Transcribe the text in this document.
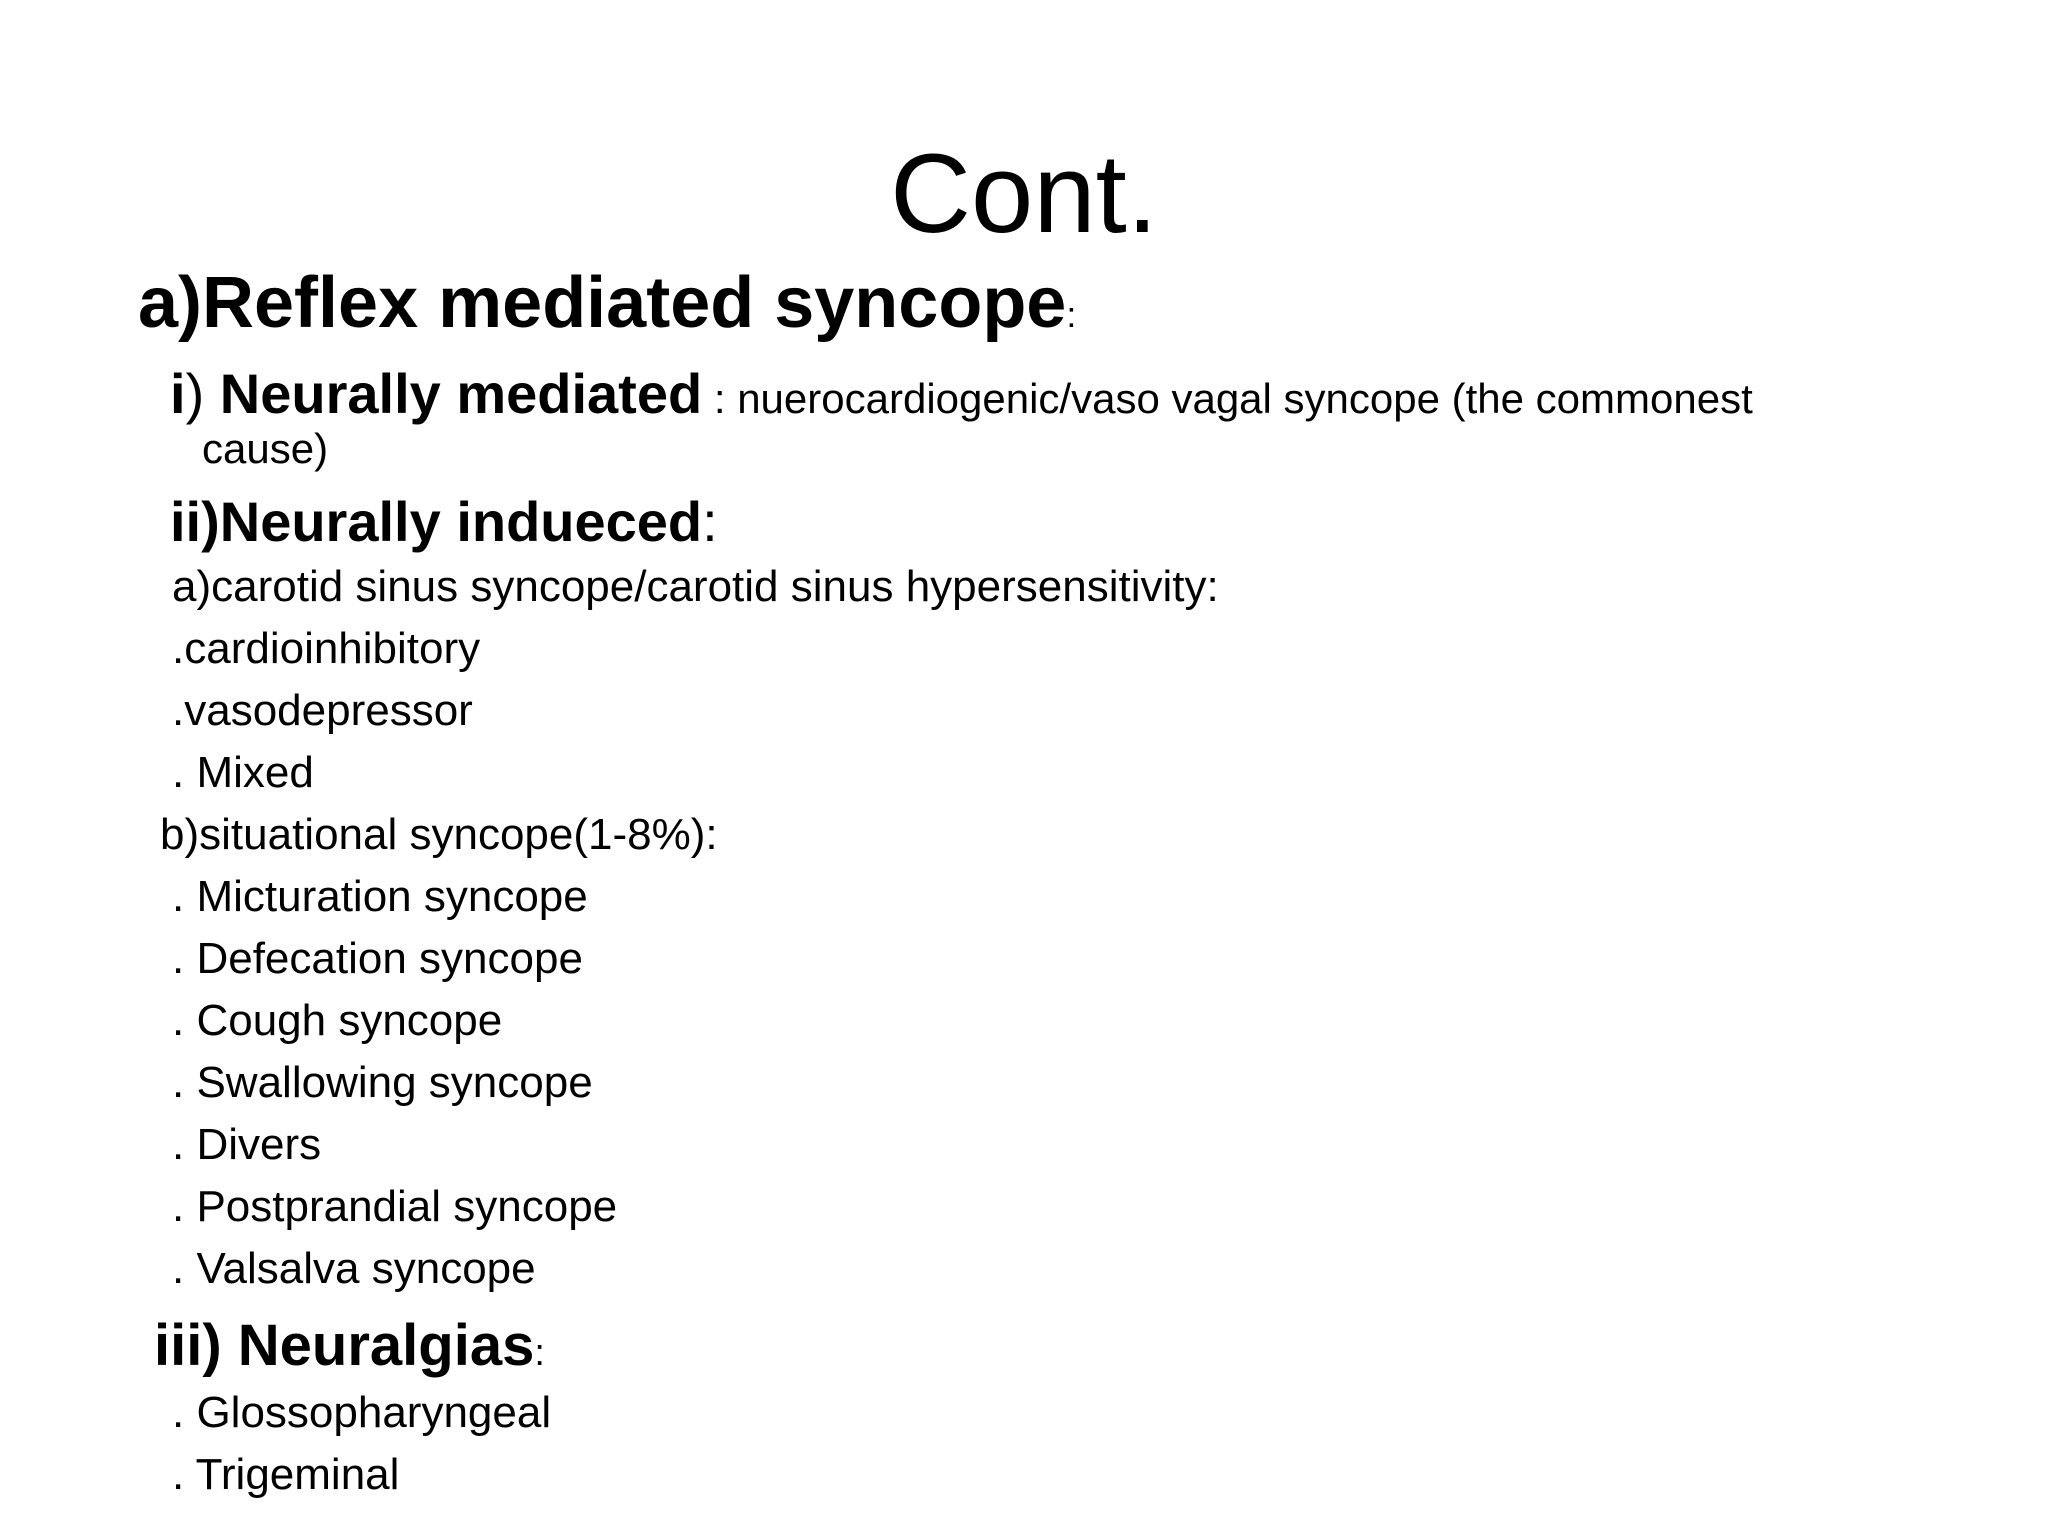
Cont.
a)Reflex mediated syncope:
i) Neurally mediated : nuerocardiogenic/vaso vagal syncope (the commonest
cause)
ii)Neurally indueced:
a)carotid sinus syncope/carotid sinus hypersensitivity:
.cardioinhibitory
.vasodepressor
. Mixed
b)situational syncope(1-8%):
. Micturation syncope
. Defecation syncope
. Cough syncope
. Swallowing syncope
. Divers
. Postprandial syncope
. Valsalva syncope
iii) Neuralgias:
. Glossopharyngeal
. Trigeminal
